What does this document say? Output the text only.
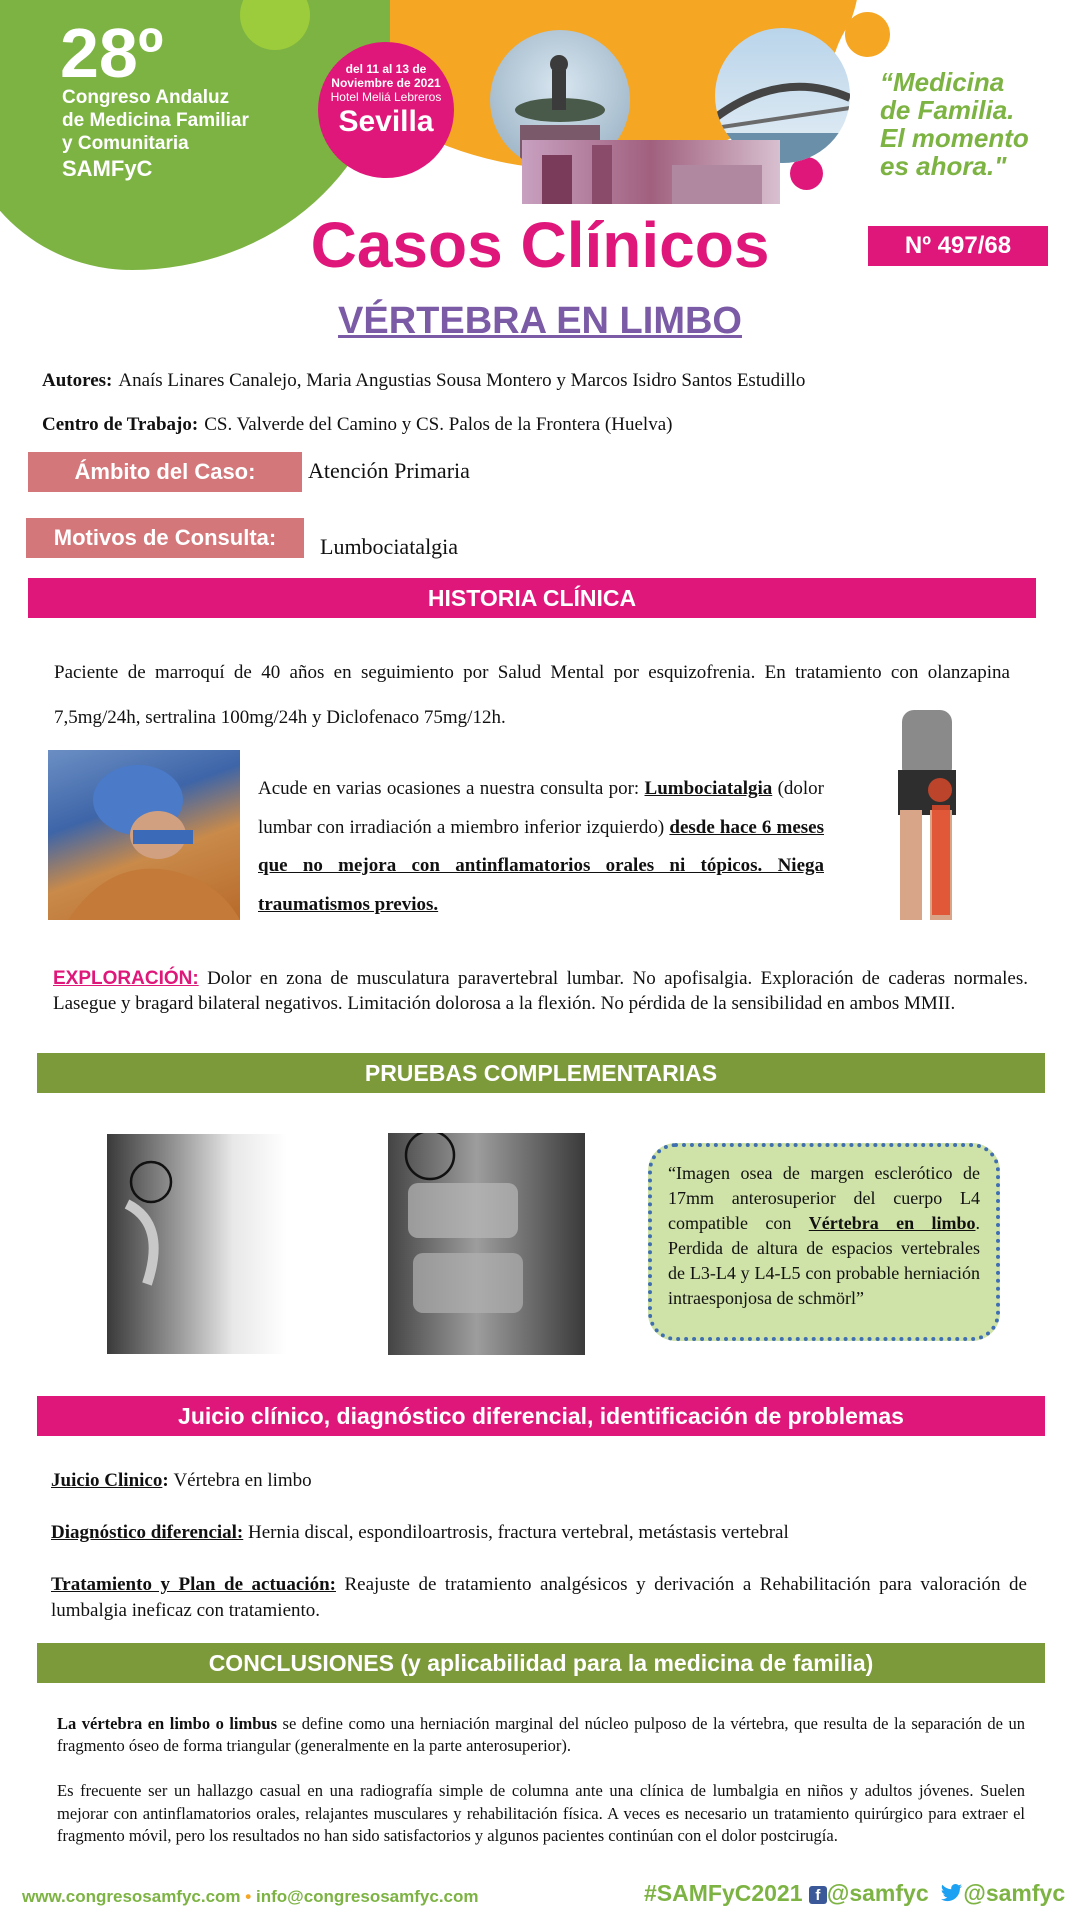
28º
Congreso Andaluz
de Medicina Familiar
y Comunitaria
SAMFyC
del 11 al 13 de
Noviembre de 2021
Hotel Meliá Lebreros
Sevilla
“Medicina
de Familia.
El momento
es ahora."
Casos Clínicos	Nº 497/68
VÉRTEBRA EN LIMBO
Autores: Anaís Linares Canalejo, Maria Angustias Sousa Montero y Marcos Isidro Santos Estudillo
Centro de Trabajo: CS. Valverde del Camino y CS. Palos de la Frontera (Huelva)
Ámbito del Caso:	Atención Primaria
Motivos de Consulta:	Lumbociatalgia
HISTORIA CLÍNICA
Paciente de marroquí de 40 años en seguimiento por Salud Mental por esquizofrenia. En tratamiento con olanzapina 7,5mg/24h, sertralina 100mg/24h y Diclofenaco 75mg/12h.
Acude en varias ocasiones a nuestra consulta por: Lumbociatalgia (dolor lumbar con irradiación a miembro inferior izquierdo) desde hace 6 meses que no mejora con antinflamatorios orales ni tópicos. Niega traumatismos previos.
EXPLORACIÓN: Dolor en zona de musculatura paravertebral lumbar. No apofisalgia. Exploración de caderas normales. Lasegue y bragard bilateral negativos. Limitación dolorosa a la flexión. No pérdida de la sensibilidad en ambos MMII.
PRUEBAS COMPLEMENTARIAS
“Imagen osea de margen esclerótico de 17mm anterosuperior del cuerpo L4 compatible con Vértebra en limbo. Perdida de altura de espacios vertebrales de L3-L4 y L4-L5 con probable herniación intraesponjosa de schmörl”
Juicio clínico, diagnóstico diferencial, identificación de problemas
Juicio Clinico: Vértebra en limbo
Diagnóstico diferencial: Hernia discal, espondiloartrosis, fractura vertebral, metástasis vertebral
Tratamiento y Plan de actuación: Reajuste de tratamiento analgésicos y derivación a Rehabilitación para valoración de lumbalgia ineficaz con tratamiento.
CONCLUSIONES (y aplicabilidad para la medicina de familia)
La vértebra en limbo o limbus se define como una herniación marginal del núcleo pulposo de la vértebra, que resulta de la separación de un fragmento óseo de forma triangular (generalmente en la parte anterosuperior).
Es frecuente ser un hallazgo casual en una radiografía simple de columna ante una clínica de lumbalgia en niños y adultos jóvenes. Suelen mejorar con antinflamatorios orales, relajantes musculares y rehabilitación física. A veces es necesario un tratamiento quirúrgico para extraer el fragmento móvil, pero los resultados no han sido satisfactorios y algunos pacientes continúan con el dolor postcirugía.
www.congresosamfyc.com • info@congresosamfyc.com	#SAMFyC2021 f @samfyc @samfyc
